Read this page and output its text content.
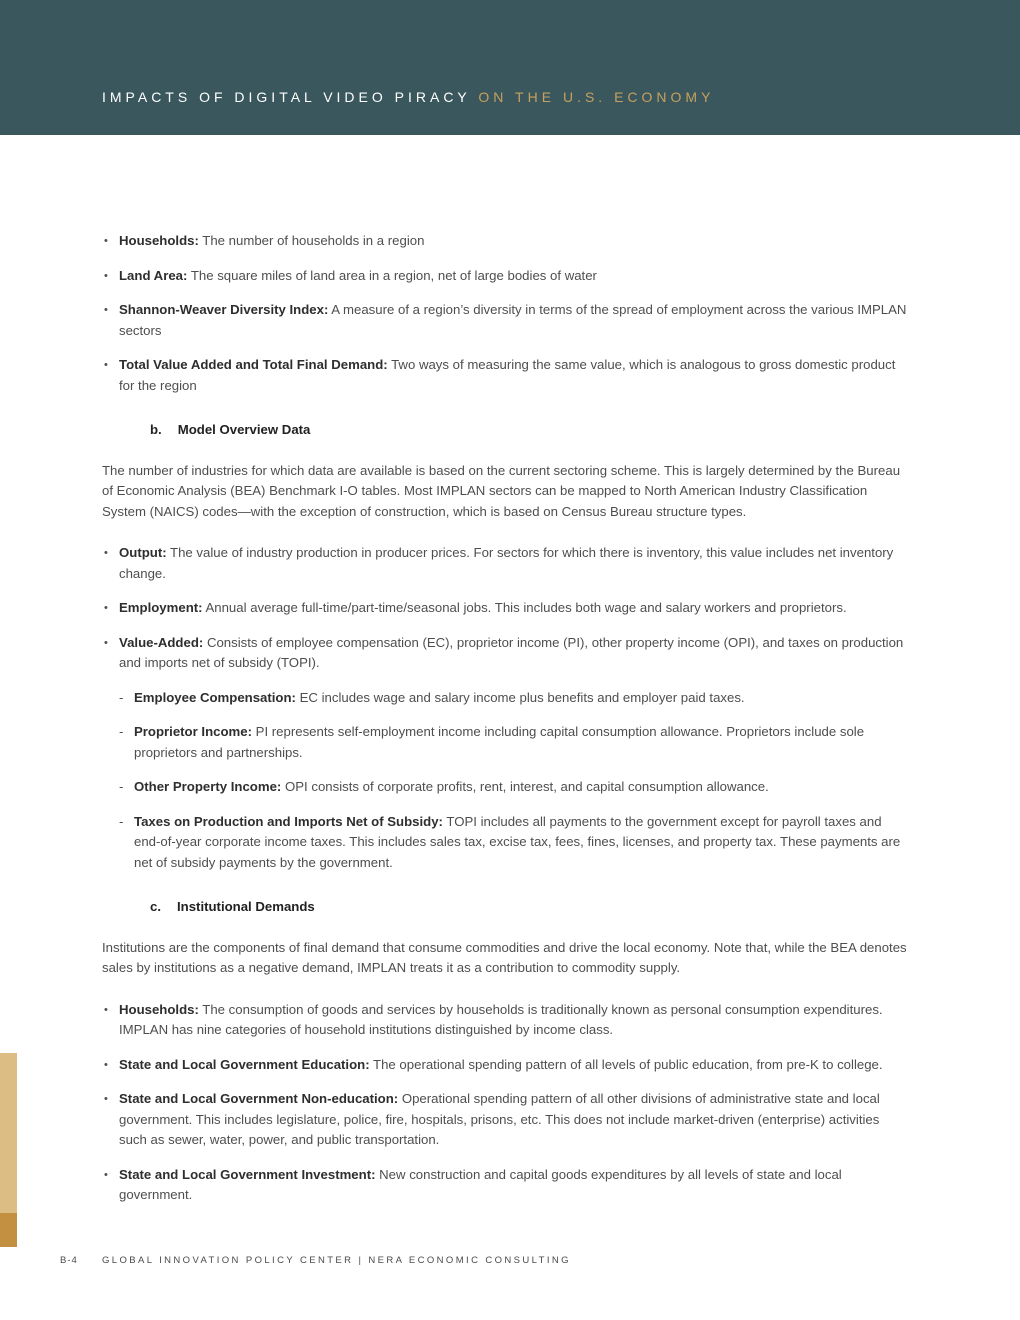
IMPACTS OF DIGITAL VIDEO PIRACY ON THE U.S. ECONOMY
• Households: The number of households in a region
• Land Area: The square miles of land area in a region, net of large bodies of water
• Shannon-Weaver Diversity Index: A measure of a region’s diversity in terms of the spread of employment across the various IMPLAN sectors
• Total Value Added and Total Final Demand: Two ways of measuring the same value, which is analogous to gross domestic product for the region
b. Model Overview Data

The number of industries for which data are available is based on the current sectoring scheme. This is largely determined by the Bureau of Economic Analysis (BEA) Benchmark I-O tables. Most IMPLAN sectors can be mapped to North American Industry Classification System (NAICS) codes—with the exception of construction, which is based on Census Bureau structure types.

• Output: The value of industry production in producer prices. For sectors for which there is inventory, this value includes net inventory change.
• Employment: Annual average full-time/part-time/seasonal jobs. This includes both wage and salary workers and proprietors.
• Value-Added: Consists of employee compensation (EC), proprietor income (PI), other property income (OPI), and taxes on production and imports net of subsidy (TOPI).
- Employee Compensation: EC includes wage and salary income plus benefits and employer paid taxes.
- Proprietor Income: PI represents self-employment income including capital consumption allowance. Proprietors include sole proprietors and partnerships.
- Other Property Income: OPI consists of corporate profits, rent, interest, and capital consumption allowance.
- Taxes on Production and Imports Net of Subsidy: TOPI includes all payments to the government except for payroll taxes and end-of-year corporate income taxes. This includes sales tax, excise tax, fees, fines, licenses, and property tax. These payments are net of subsidy payments by the government.
c. Institutional Demands

Institutions are the components of final demand that consume commodities and drive the local economy. Note that, while the BEA denotes sales by institutions as a negative demand, IMPLAN treats it as a contribution to commodity supply.

• Households: The consumption of goods and services by households is traditionally known as personal consumption expenditures. IMPLAN has nine categories of household institutions distinguished by income class.
• State and Local Government Education: The operational spending pattern of all levels of public education, from pre-K to college.
• State and Local Government Non-education: Operational spending pattern of all other divisions of administrative state and local government. This includes legislature, police, fire, hospitals, prisons, etc. This does not include market-driven (enterprise) activities such as sewer, water, power, and public transportation.
• State and Local Government Investment: New construction and capital goods expenditures by all levels of state and local government.
B-4	GLOBAL INNOVATION POLICY CENTER | NERA ECONOMIC CONSULTING
